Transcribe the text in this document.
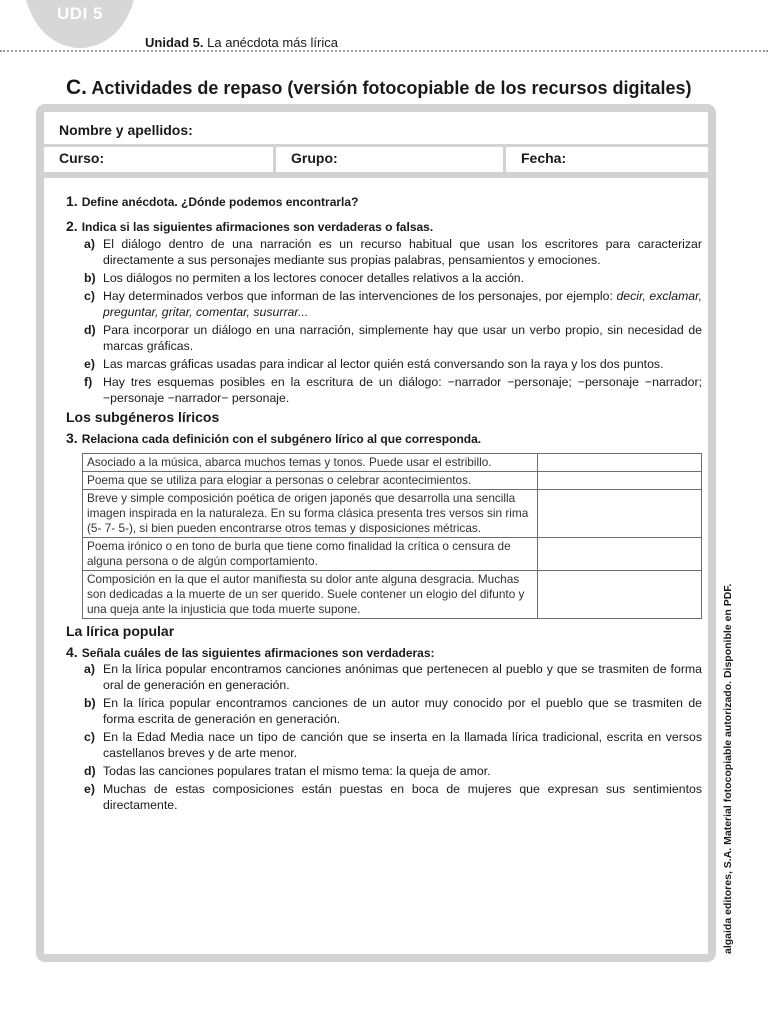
UDI 5
Unidad 5. La anécdota más lírica
C. Actividades de repaso (versión fotocopiable de los recursos digitales)
Nombre y apellidos:
Curso:	Grupo:	Fecha:

1. Define anécdota. ¿Dónde podemos encontrarla?

2. Indica si las siguientes afirmaciones son verdaderas o falsas.

a) El diálogo dentro de una narración es un recurso habitual que usan los escritores para caracterizar directamente a sus personajes mediante sus propias palabras, pensamientos y emociones.
b) Los diálogos no permiten a los lectores conocer detalles relativos a la acción.
c) Hay determinados verbos que informan de las intervenciones de los personajes, por ejemplo: decir, exclamar, preguntar, gritar, comentar, susurrar...
d) Para incorporar un diálogo en una narración, simplemente hay que usar un verbo propio, sin necesidad de marcas gráficas.
e) Las marcas gráficas usadas para indicar al lector quién está conversando son la raya y los dos puntos.
f) Hay tres esquemas posibles en la escritura de un diálogo: −narrador −personaje; −personaje −narrador; −personaje −narrador− personaje.
Los subgéneros líricos

3. Relaciona cada definición con el subgénero lírico al que corresponda.

Asociado a la música, abarca muchos temas y tonos. Puede usar el estribillo.	
Poema que se utiliza para elogiar a personas o celebrar acontecimientos.	
Breve y simple composición poética de origen japonés que desarrolla una sencilla imagen inspirada en la naturaleza. En su forma clásica presenta tres versos sin rima (5- 7- 5-), si bien pueden encontrarse otros temas y disposiciones métricas.	
Poema irónico o en tono de burla que tiene como finalidad la crítica o censura de alguna persona o de algún comportamiento.	
Composición en la que el autor manifiesta su dolor ante alguna desgracia. Muchas son dedicadas a la muerte de un ser querido. Suele contener un elogio del difunto y una queja ante la injusticia que toda muerte supone.	
La lírica popular

4. Señala cuáles de las siguientes afirmaciones son verdaderas:

a) En la lírica popular encontramos canciones anónimas que pertenecen al pueblo y que se trasmiten de forma oral de generación en generación.
b) En la lírica popular encontramos canciones de un autor muy conocido por el pueblo que se trasmiten de forma escrita de generación en generación.
c) En la Edad Media nace un tipo de canción que se inserta en la llamada lírica tradicional, escrita en versos castellanos breves y de arte menor.
d) Todas las canciones populares tratan el mismo tema: la queja de amor.
e) Muchas de estas composiciones están puestas en boca de mujeres que expresan sus sentimientos directamente.	algaida editores, S.A. Material fotocopiable autorizado. Disponible en PDF.
